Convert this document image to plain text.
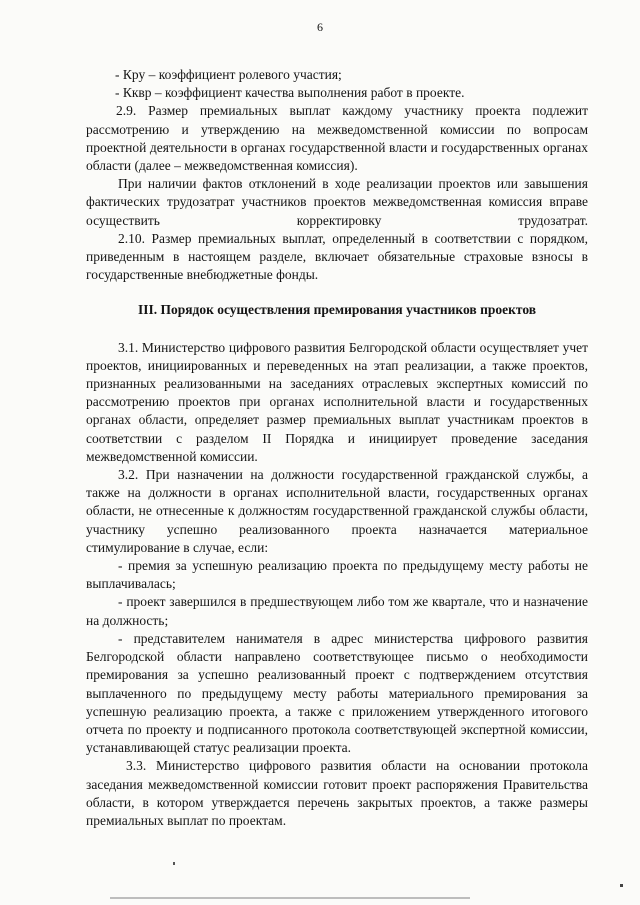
6

- Кру – коэффициент ролевого участия;

- Кквр – коэффициент качества выполнения работ в проекте.

2.9. Размер премиальных выплат каждому участнику проекта подлежит рассмотрению и утверждению на межведомственной комиссии по вопросам проектной деятельности в органах государственной власти и государственных органах области (далее – межведомственная комиссия).

При наличии фактов отклонений в ходе реализации проектов или завышения фактических трудозатрат участников проектов межведомственная комиссия вправе осуществить корректировку трудозатрат.

2.10. Размер премиальных выплат, определенный в соответствии с порядком, приведенным в настоящем разделе, включает обязательные страховые взносы в государственные внебюджетные фонды.

III. Порядок осуществления премирования участников проектов

3.1. Министерство цифрового развития Белгородской области осуществляет учет проектов, инициированных и переведенных на этап реализации, а также проектов, признанных реализованными на заседаниях отраслевых экспертных комиссий по рассмотрению проектов при органах исполнительной власти и государственных органах области, определяет размер премиальных выплат участникам проектов в соответствии с разделом II Порядка и инициирует проведение заседания межведомственной комиссии.

3.2. При назначении на должности государственной гражданской службы, а также на должности в органах исполнительной власти, государственных органах области, не отнесенные к должностям государственной гражданской службы области, участнику успешно реализованного проекта назначается материальное стимулирование в случае, если:

- премия за успешную реализацию проекта по предыдущему месту работы не выплачивалась;

- проект завершился в предшествующем либо том же квартале, что и назначение на должность;

- представителем нанимателя в адрес министерства цифрового развития Белгородской области направлено соответствующее письмо о необходимости премирования за успешно реализованный проект с подтверждением отсутствия выплаченного по предыдущему месту работы материального премирования за успешную реализацию проекта, а также с приложением утвержденного итогового отчета по проекту и подписанного протокола соответствующей экспертной комиссии, устанавливающей статус реализации проекта.

3.3. Министерство цифрового развития области на основании протокола заседания межведомственной комиссии готовит проект распоряжения Правительства области, в котором утверждается перечень закрытых проектов, а также размеры премиальных выплат по проектам.
